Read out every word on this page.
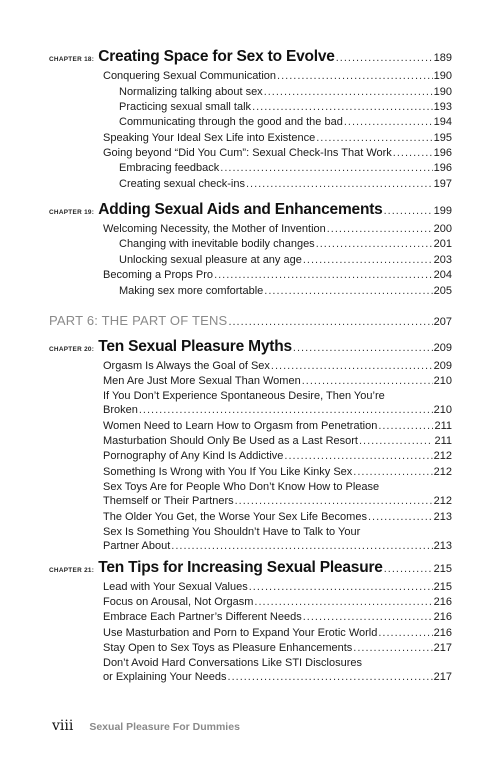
CHAPTER 18: Creating Space for Sex to Evolve .....	189
Conquering Sexual Communication .....	190
Normalizing talking about sex .....	190
Practicing sexual small talk .....	193
Communicating through the good and the bad .....	194
Speaking Your Ideal Sex Life into Existence .....	195
Going beyond “Did You Cum”: Sexual Check-Ins That Work .....	196
Embracing feedback .....	196
Creating sexual check-ins .....	197
CHAPTER 19: Adding Sexual Aids and Enhancements .....	199
Welcoming Necessity, the Mother of Invention .....	200
Changing with inevitable bodily changes .....	201
Unlocking sexual pleasure at any age .....	203
Becoming a Props Pro .....	204
Making sex more comfortable .....	205
PART 6: THE PART OF TENS .....	207
CHAPTER 20: Ten Sexual Pleasure Myths .....	209
Orgasm Is Always the Goal of Sex .....	209
Men Are Just More Sexual Than Women .....	210
If You Don’t Experience Spontaneous Desire, Then You’re
Broken .....	210
Women Need to Learn How to Orgasm from Penetration .....	211
Masturbation Should Only Be Used as a Last Resort .....	211
Pornography of Any Kind Is Addictive .....	212
Something Is Wrong with You If You Like Kinky Sex .....	212
Sex Toys Are for People Who Don’t Know How to Please
Themself or Their Partners .....	212
The Older You Get, the Worse Your Sex Life Becomes .....	213
Sex Is Something You Shouldn’t Have to Talk to Your
Partner About .....	213
CHAPTER 21: Ten Tips for Increasing Sexual Pleasure .....	215
Lead with Your Sexual Values .....	215
Focus on Arousal, Not Orgasm .....	216
Embrace Each Partner’s Different Needs .....	216
Use Masturbation and Porn to Expand Your Erotic World .....	216
Stay Open to Sex Toys as Pleasure Enhancements .....	217
Don’t Avoid Hard Conversations Like STI Disclosures
or Explaining Your Needs .....	217
viii Sexual Pleasure For Dummies
